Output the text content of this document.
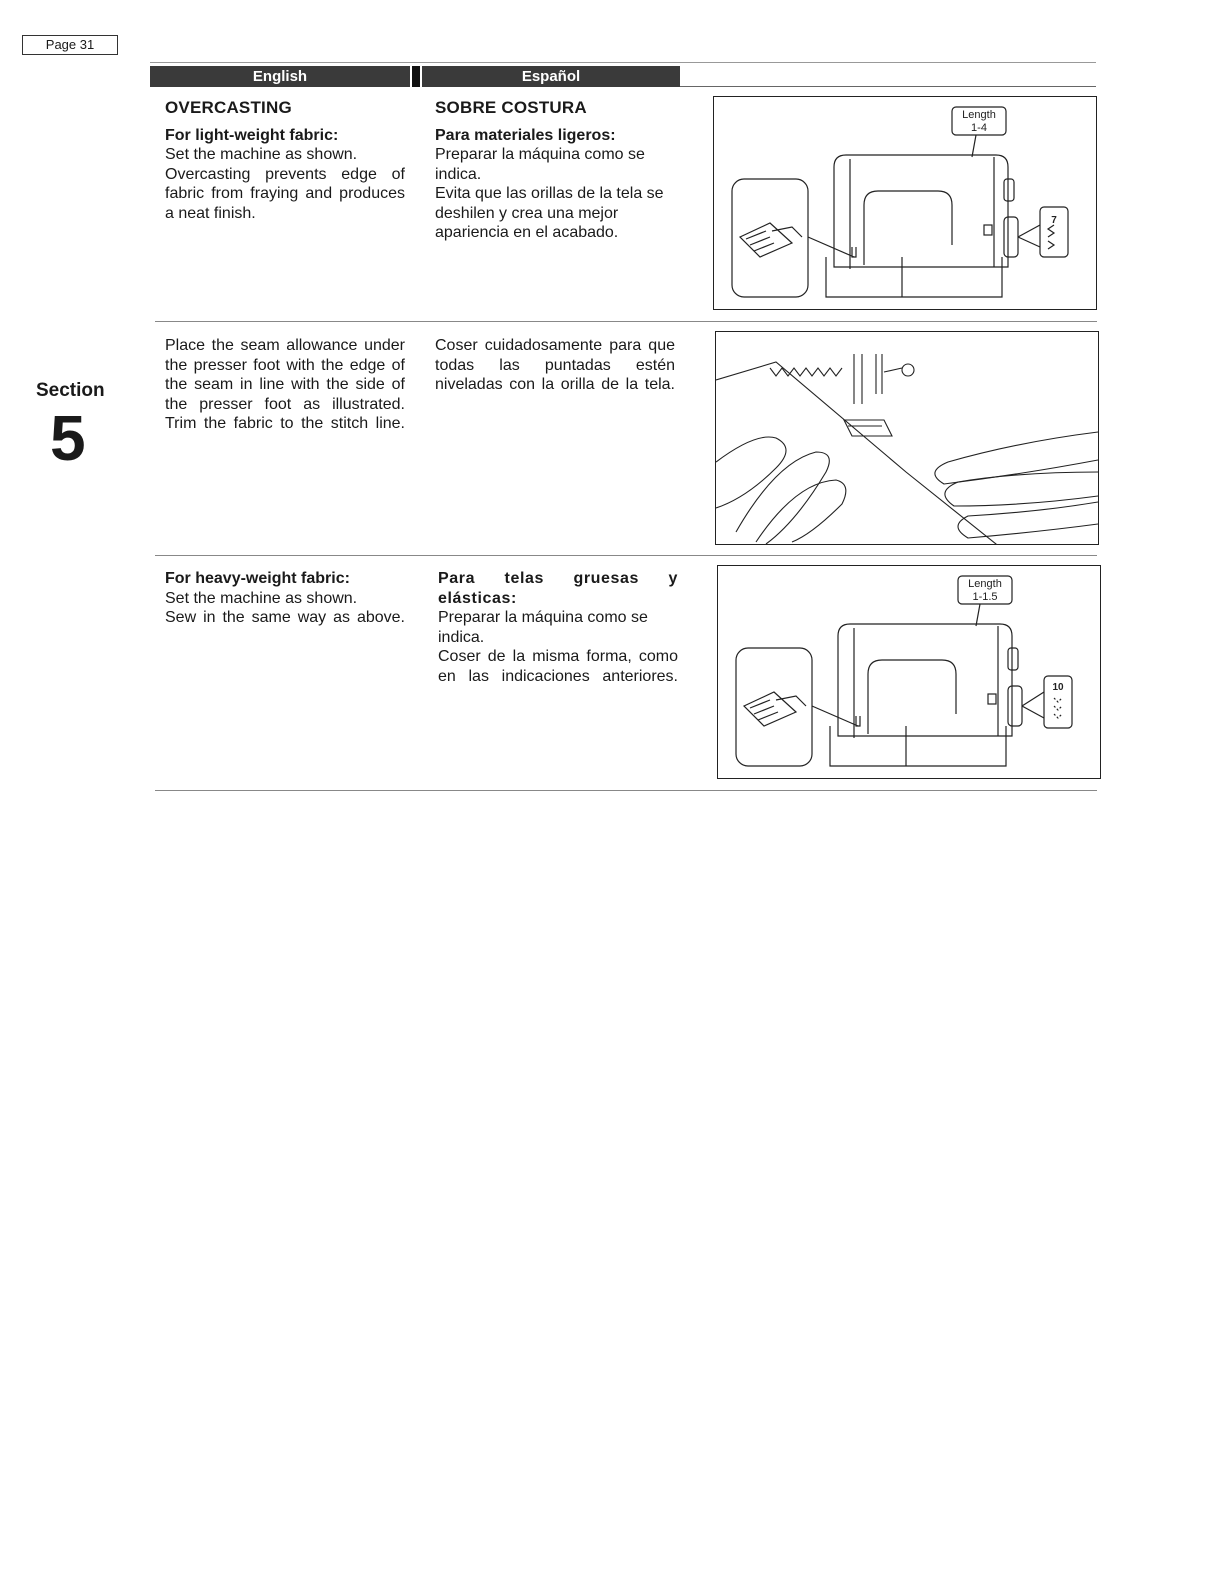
Page 31
Section
5
English	Español
OVERCASTING
For light-weight fabric:

Set the machine as shown.

Overcasting prevents edge of fabric from fraying and produces a neat finish.

SOBRE COSTURA
Para materiales ligeros:

Preparar la máquina como se indica.

Evita que las orillas de la tela se deshilen y crea una mejor apariencia en el acabado.

Length
1-4
7

Place the seam allowance under the presser foot with the edge of the seam in line with the side of the presser foot as illustrated.

Trim the fabric to the stitch line.

Coser cuidadosamente para que todas las puntadas estén niveladas con la orilla de la tela.

For heavy-weight fabric:

Set the machine as shown.

Sew in the same way as above.

Para telas gruesas y elásticas:

Preparar la máquina como se indica.

Coser de la misma forma, como en las indicaciones anteriores.

Length
1-1.5
10
